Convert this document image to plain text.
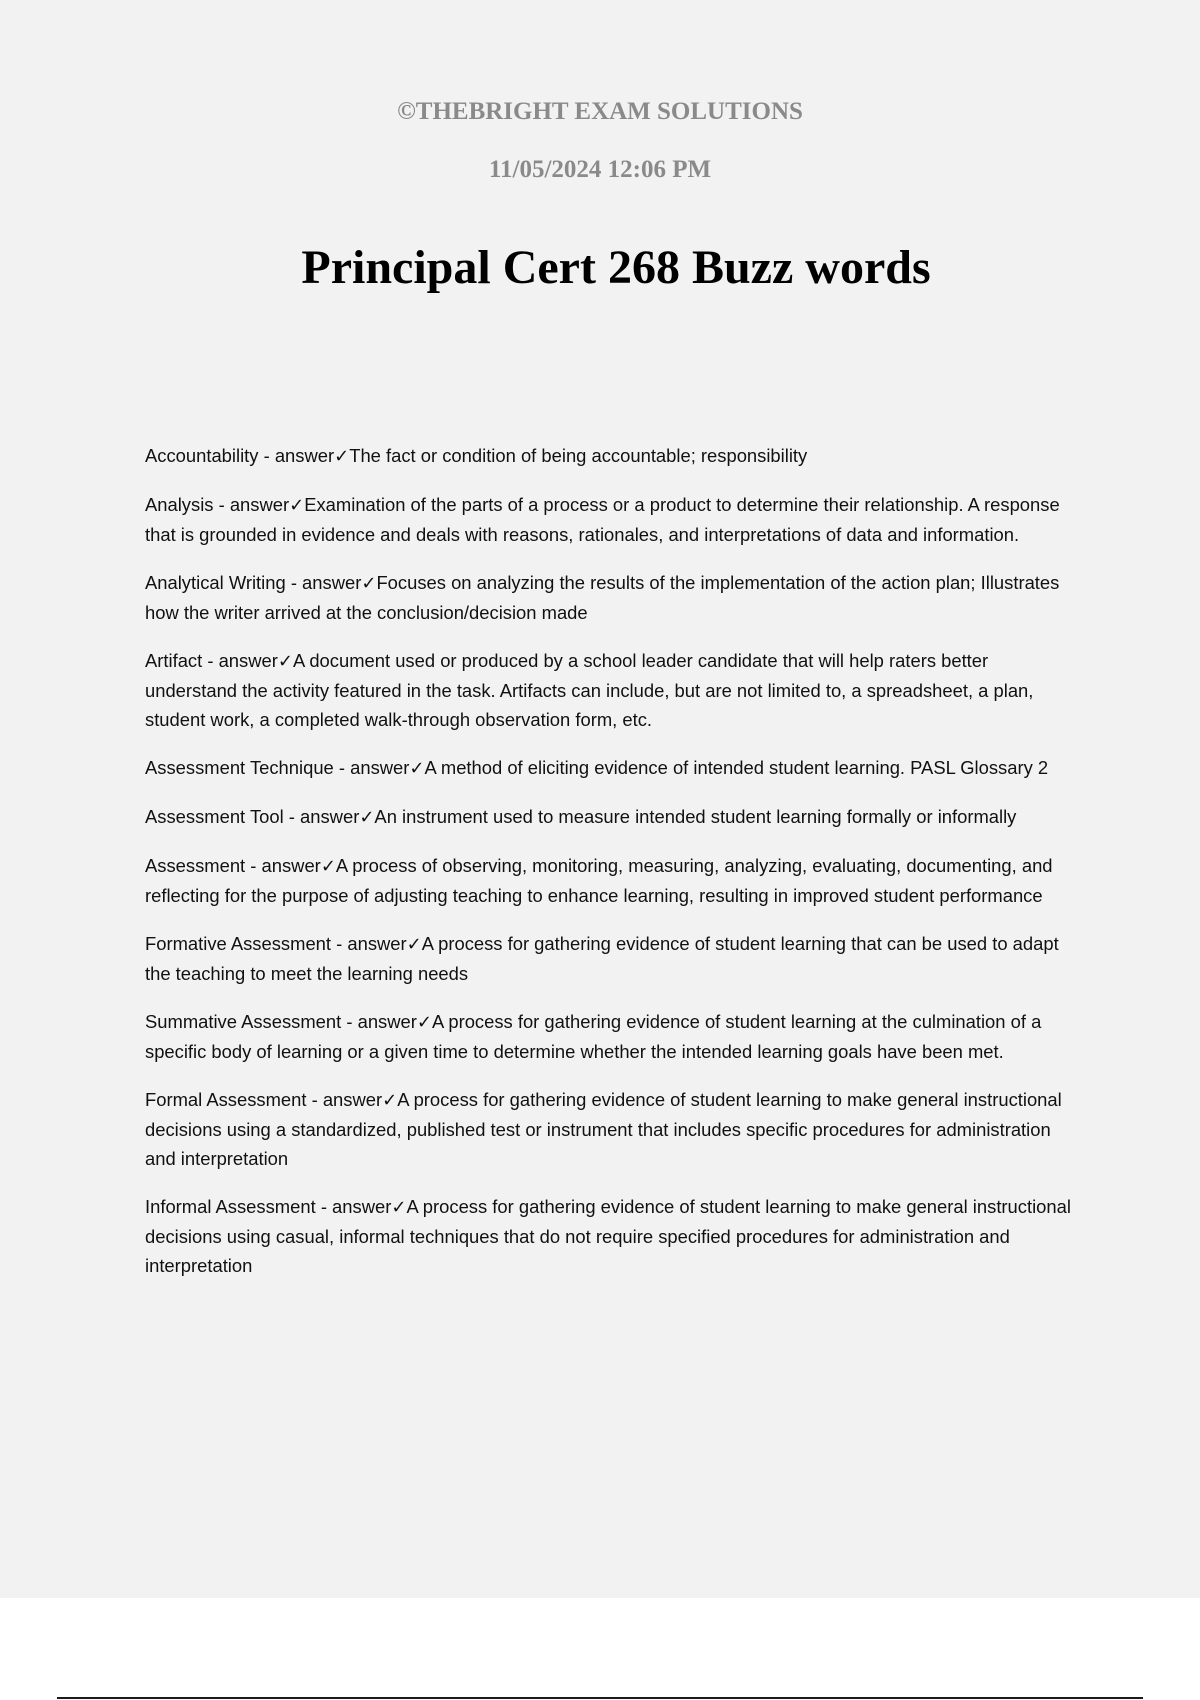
©THEBRIGHT EXAM SOLUTIONS

11/05/2024 12:06 PM

Principal Cert 268 Buzz words

Accountability - answer✓The fact or condition of being accountable; responsibility

Analysis - answer✓Examination of the parts of a process or a product to determine their relationship. A response that is grounded in evidence and deals with reasons, rationales, and interpretations of data and information.

Analytical Writing - answer✓Focuses on analyzing the results of the implementation of the action plan; Illustrates how the writer arrived at the conclusion/decision made

Artifact - answer✓A document used or produced by a school leader candidate that will help raters better understand the activity featured in the task. Artifacts can include, but are not limited to, a spreadsheet, a plan, student work, a completed walk-through observation form, etc.

Assessment Technique - answer✓A method of eliciting evidence of intended student learning. PASL Glossary 2

Assessment Tool - answer✓An instrument used to measure intended student learning formally or informally

Assessment - answer✓A process of observing, monitoring, measuring, analyzing, evaluating, documenting, and reflecting for the purpose of adjusting teaching to enhance learning, resulting in improved student performance

Formative Assessment - answer✓A process for gathering evidence of student learning that can be used to adapt the teaching to meet the learning needs

Summative Assessment - answer✓A process for gathering evidence of student learning at the culmination of a specific body of learning or a given time to determine whether the intended learning goals have been met.

Formal Assessment - answer✓A process for gathering evidence of student learning to make general instructional decisions using a standardized, published test or instrument that includes specific procedures for administration and interpretation

Informal Assessment - answer✓A process for gathering evidence of student learning to make general instructional decisions using casual, informal techniques that do not require specified procedures for administration and interpretation
